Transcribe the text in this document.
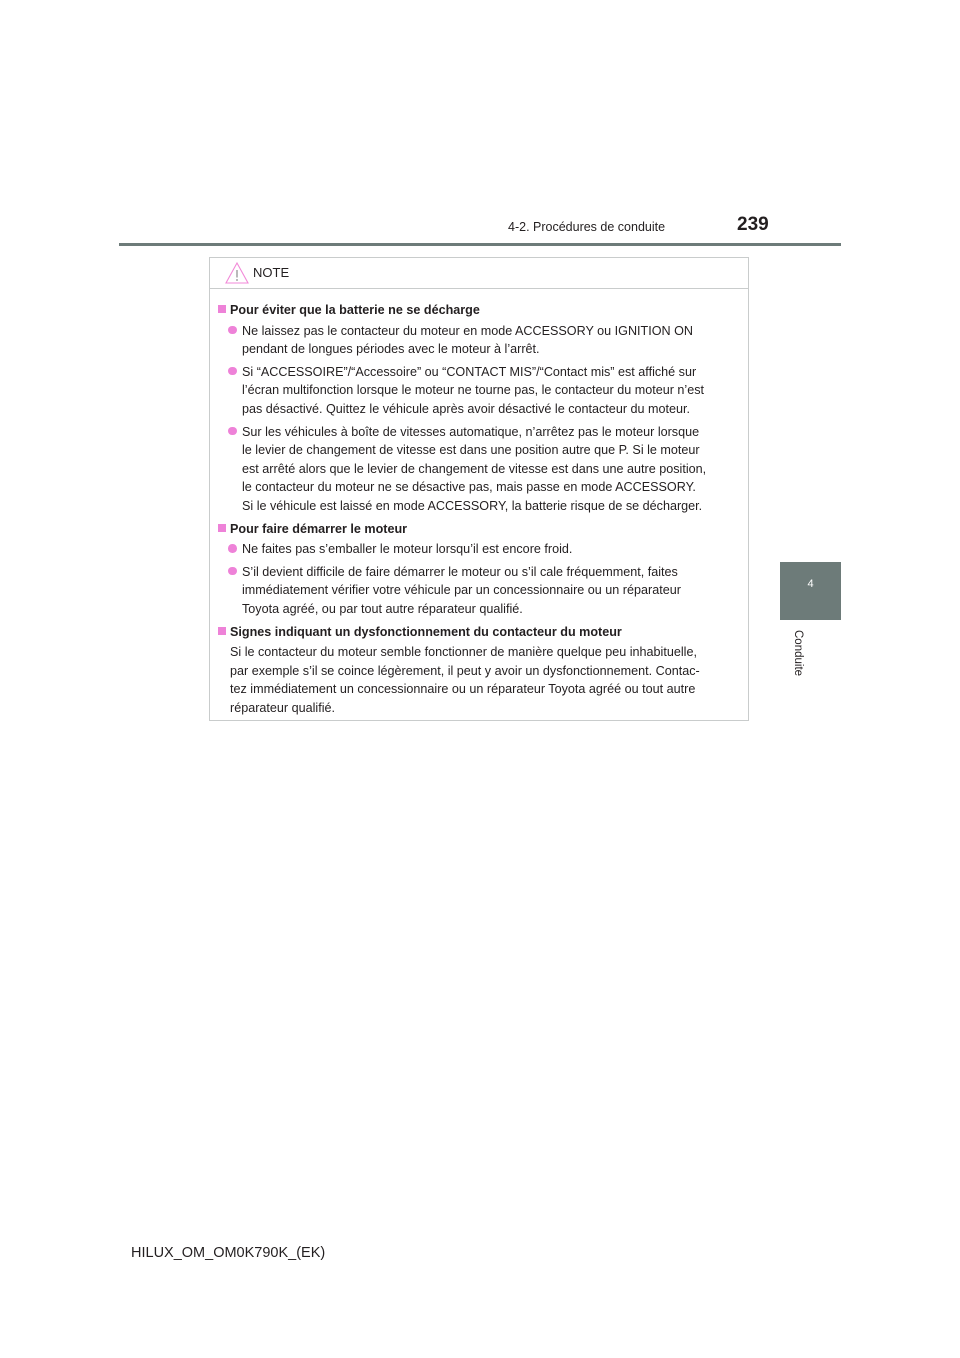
4-2. Procédures de conduite	239
4
Conduite
NOTE
Pour éviter que la batterie ne se décharge
Ne laissez pas le contacteur du moteur en mode ACCESSORY ou IGNITION ON
pendant de longues périodes avec le moteur à l’arrêt.
Si “ACCESSOIRE”/“Accessoire” ou “CONTACT MIS”/“Contact mis” est affiché sur
l’écran multifonction lorsque le moteur ne tourne pas, le contacteur du moteur n’est
pas désactivé. Quittez le véhicule après avoir désactivé le contacteur du moteur.
Sur les véhicules à boîte de vitesses automatique, n’arrêtez pas le moteur lorsque
le levier de changement de vitesse est dans une position autre que P. Si le moteur
est arrêté alors que le levier de changement de vitesse est dans une autre position,
le contacteur du moteur ne se désactive pas, mais passe en mode ACCESSORY.
Si le véhicule est laissé en mode ACCESSORY, la batterie risque de se décharger.
Pour faire démarrer le moteur
Ne faites pas s’emballer le moteur lorsqu’il est encore froid.
S’il devient difficile de faire démarrer le moteur ou s’il cale fréquemment, faites
immédiatement vérifier votre véhicule par un concessionnaire ou un réparateur
Toyota agréé, ou par tout autre réparateur qualifié.
Signes indiquant un dysfonctionnement du contacteur du moteur
Si le contacteur du moteur semble fonctionner de manière quelque peu inhabituelle,
par exemple s’il se coince légèrement, il peut y avoir un dysfonctionnement. Contac-
tez immédiatement un concessionnaire ou un réparateur Toyota agréé ou tout autre
réparateur qualifié.
HILUX_OM_OM0K790K_(EK)
